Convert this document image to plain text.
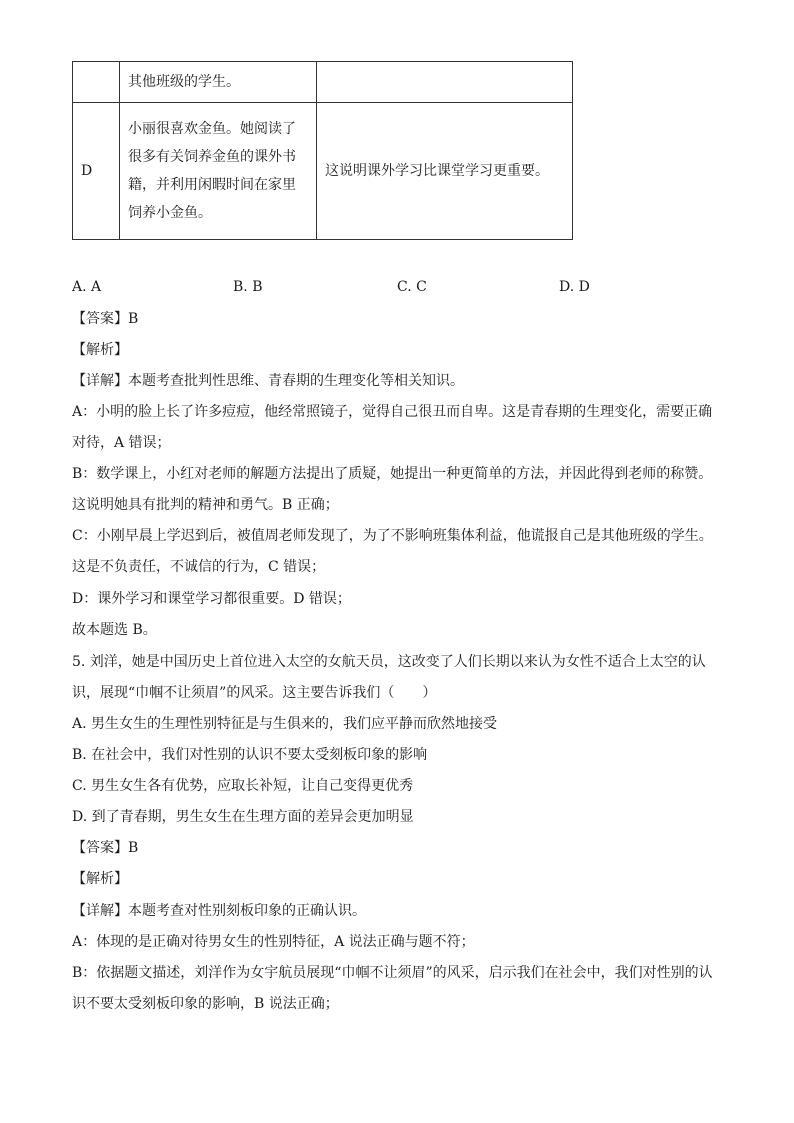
	其他班级的学生。	
D	小丽很喜欢金鱼。她阅读了
很多有关饲养金鱼的课外书
籍，并利用闲暇时间在家里
饲养小金鱼。	这说明课外学习比课堂学习更重要。
A. A	B. B	C. C	D. D
【答案】B
【解析】
【详解】本题考查批判性思维、青春期的生理变化等相关知识。
A：小明的脸上长了许多痘痘，他经常照镜子，觉得自己很丑而自卑。这是青春期的生理变化，需要正确
对待，A 错误；
B：数学课上，小红对老师的解题方法提出了质疑，她提出一种更简单的方法，并因此得到老师的称赞。
这说明她具有批判的精神和勇气。B 正确；
C：小刚早晨上学迟到后，被值周老师发现了，为了不影响班集体利益，他谎报自己是其他班级的学生。
这是不负责任，不诚信的行为，C 错误；
D：课外学习和课堂学习都很重要。D 错误；
故本题选 B。
5. 刘洋，她是中国历史上首位进入太空的女航天员，这改变了人们长期以来认为女性不适合上太空的认
识，展现“巾帼不让须眉”的风采。这主要告诉我们（　　）
A. 男生女生的生理性别特征是与生俱来的，我们应平静而欣然地接受
B. 在社会中，我们对性别的认识不要太受刻板印象的影响
C. 男生女生各有优势，应取长补短，让自己变得更优秀
D. 到了青春期，男生女生在生理方面的差异会更加明显
【答案】B
【解析】
【详解】本题考查对性别刻板印象的正确认识。
A：体现的是正确对待男女生的性别特征，A 说法正确与题不符；
B：依据题文描述，刘洋作为女宇航员展现“巾帼不让须眉”的风采，启示我们在社会中，我们对性别的认
识不要太受刻板印象的影响，B 说法正确；
